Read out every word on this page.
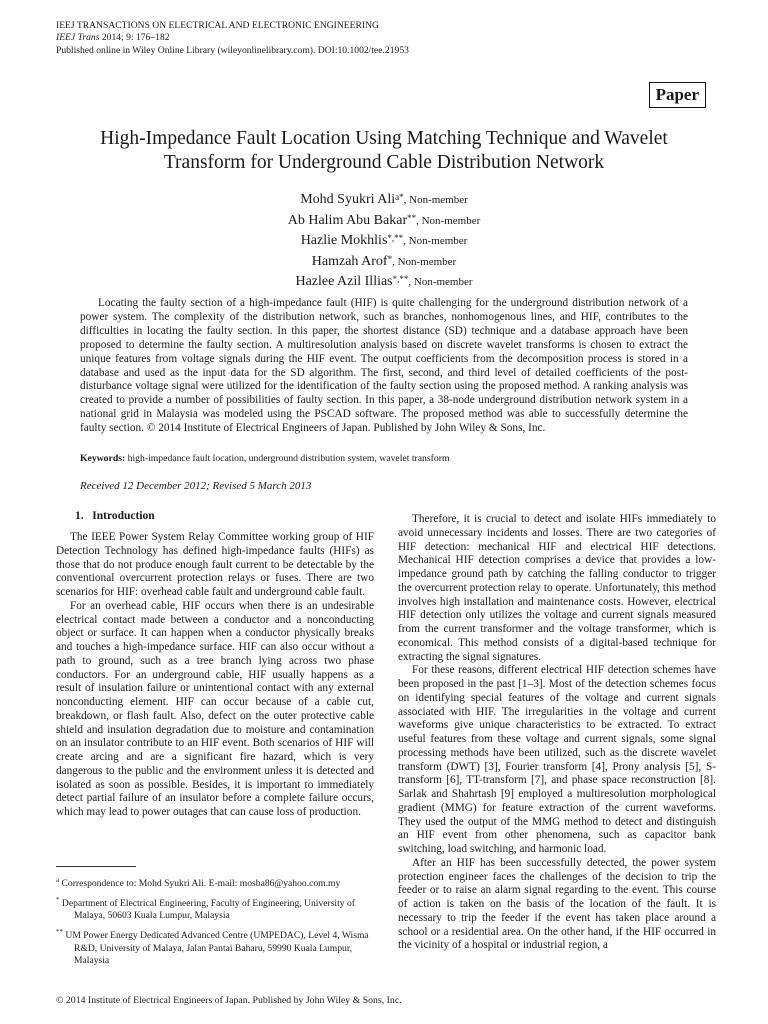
IEEJ TRANSACTIONS ON ELECTRICAL AND ELECTRONIC ENGINEERING
IEEJ Trans 2014; 9: 176–182
Published online in Wiley Online Library (wileyonlinelibrary.com). DOI:10.1002/tee.21953
Paper
High-Impedance Fault Location Using Matching Technique and Wavelet
Transform for Underground Cable Distribution Network
Mohd Syukri Ali$^{a*}$, Non-member
Ab Halim Abu Bakar**, Non-member
Hazlie Mokhlis*,**, Non-member
Hamzah Arof*, Non-member
Hazlee Azil Illias*,**, Non-member

Locating the faulty section of a high-impedance fault (HIF) is quite challenging for the underground distribution network of a power system. The complexity of the distribution network, such as branches, nonhomogenous lines, and HIF, contributes to the difficulties in locating the faulty section. In this paper, the shortest distance (SD) technique and a database approach have been proposed to determine the faulty section. A multiresolution analysis based on discrete wavelet transforms is chosen to extract the unique features from voltage signals during the HIF event. The output coefficients from the decomposition process is stored in a database and used as the input data for the SD algorithm. The first, second, and third level of detailed coefficients of the post-disturbance voltage signal were utilized for the identification of the faulty section using the proposed method. A ranking analysis was created to provide a number of possibilities of faulty section. In this paper, a 38-node underground distribution network system in a national grid in Malaysia was modeled using the PSCAD software. The proposed method was able to successfully determine the faulty section. © 2014 Institute of Electrical Engineers of Japan. Published by John Wiley & Sons, Inc.

Keywords: high-impedance fault location, underground distribution system, wavelet transform
Received 12 December 2012; Revised 5 March 2013
1. Introduction

The IEEE Power System Relay Committee working group of HIF Detection Technology has defined high-impedance faults (HIFs) as those that do not produce enough fault current to be detectable by the conventional overcurrent protection relays or fuses. There are two scenarios for HIF: overhead cable fault and underground cable fault.

For an overhead cable, HIF occurs when there is an undesirable electrical contact made between a conductor and a nonconducting object or surface. It can happen when a conductor physically breaks and touches a high-impedance surface. HIF can also occur without a path to ground, such as a tree branch lying across two phase conductors. For an underground cable, HIF usually happens as a result of insulation failure or unintentional contact with any external nonconducting element. HIF can occur because of a cable cut, breakdown, or flash fault. Also, defect on the outer protective cable shield and insulation degradation due to moisture and contamination on an insulator contribute to an HIF event. Both scenarios of HIF will create arcing and are a significant fire hazard, which is very dangerous to the public and the environment unless it is detected and isolated as soon as possible. Besides, it is important to immediately detect partial failure of an insulator before a complete failure occurs, which may lead to power outages that can cause loss of production.

Therefore, it is crucial to detect and isolate HIFs immediately to avoid unnecessary incidents and losses. There are two categories of HIF detection: mechanical HIF and electrical HIF detections. Mechanical HIF detection comprises a device that provides a low-impedance ground path by catching the falling conductor to trigger the overcurrent protection relay to operate. Unfortunately, this method involves high installation and maintenance costs. However, electrical HIF detection only utilizes the voltage and current signals measured from the current transformer and the voltage transformer, which is economical. This method consists of a digital-based technique for extracting the signal signatures.

For these reasons, different electrical HIF detection schemes have been proposed in the past [1–3]. Most of the detection schemes focus on identifying special features of the voltage and current signals associated with HIF. The irregularities in the voltage and current waveforms give unique characteristics to be extracted. To extract useful features from these voltage and current signals, some signal processing methods have been utilized, such as the discrete wavelet transform (DWT) [3], Fourier transform [4], Prony analysis [5], S-transform [6], TT-transform [7], and phase space reconstruction [8]. Sarlak and Shahrtash [9] employed a multiresolution morphological gradient (MMG) for feature extraction of the current waveforms. They used the output of the MMG method to detect and distinguish an HIF event from other phenomena, such as capacitor bank switching, load switching, and harmonic load.

After an HIF has been successfully detected, the power system protection engineer faces the challenges of the decision to trip the feeder or to raise an alarm signal regarding to the event. This course of action is taken on the basis of the location of the fault. It is necessary to trip the feeder if the event has taken place around a school or a residential area. On the other hand, if the HIF occurred in the vicinity of a hospital or industrial region, a

$^a$ Correspondence to: Mohd Syukri Ali. E-mail: mosba86@yahoo.com.my

* Department of Electrical Engineering, Faculty of Engineering, University of Malaya, 50603 Kuala Lumpur, Malaysia

** UM Power Energy Dedicated Advanced Centre (UMPEDAC), Level 4, Wisma R&D, University of Malaya, Jalan Pantai Baharu, 59990 Kuala Lumpur, Malaysia

© 2014 Institute of Electrical Engineers of Japan. Published by John Wiley & Sons, Inc.
